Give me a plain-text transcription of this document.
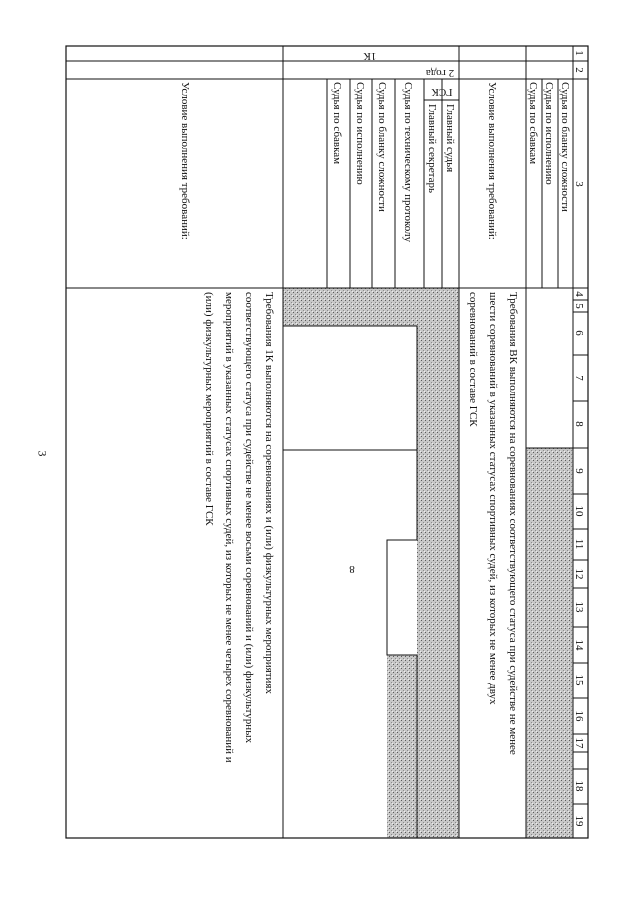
3
1
2
3
4
5
6
7
8
9
10
11
12
13
14
15
16
17
18
19
Судья по бланку сложности
Судья по исполнению
Судья по сбавкам
Условие выполнения требований:
Требования ВК выполняются на соревнованиях соответствующего статуса при судействе не менее
шести соревнований в указанных статусах спортивных судей, из которых не менее двух
соревнований в составе ГСК
1К
2 года
ГСК
Главный судья
Главный секретарь
Судья по техническому протоколу
Судья по бланку сложности
Судья по исполнению
Судья по сбавкам
8
Условие выполнения требований:
Требования 1К выполняются на соревнованиях и (или) физкультурных мероприятиях
соответствующего статуса при судействе не менее восьми соревнований и (или) физкультурных
мероприятий в указанных статусах спортивных судей, из которых не менее четырех соревнований и
(или) физкультурных мероприятий в составе ГСК
